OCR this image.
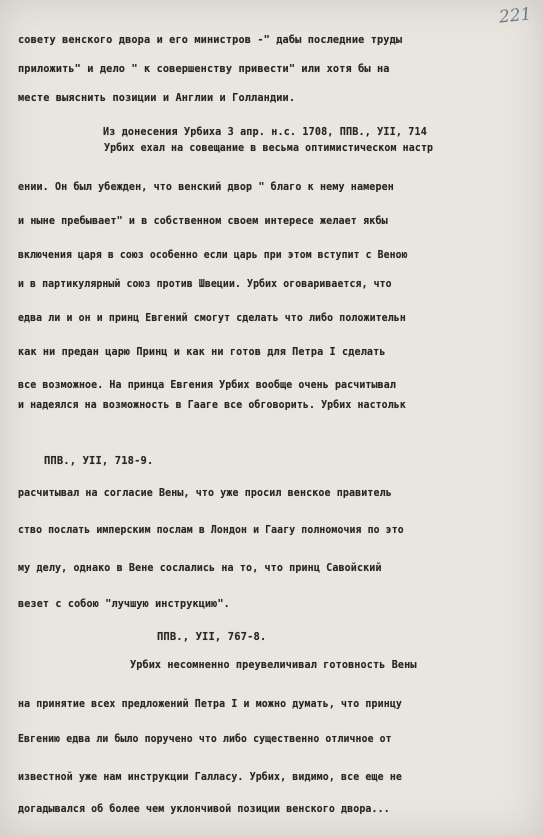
221
совету венского двора и его министров -" дабы последние труды
приложить" и дело " к совершенству привести" или хотя бы на
месте выяснить позиции и Англии и Голландии.
Из донесения Урбиха 3 апр. н.с. 1708, ППВ., УII, 714
Урбих ехал на совещание в весьма оптимистическом настр
ении. Он был убежден, что венский двор " благо к нему намерен
и ныне пребывает" и в собственном своем интересе желает якбы
включения царя в союз особенно если царь при этом вступит с Веною
и в партикулярный союз против Швеции. Урбих оговаривается, что
едва ли и он и принц Евгений смогут сделать что либо положительн
как ни предан царю Принц и как ни готов для Петра I сделать
все возможное. На принца Евгения Урбих вообще очень расчитывал
и надеялся на возможность в Гааге все обговорить. Урбих настольк
ППВ., УII, 718-9.
расчитывал на согласие Вены, что уже просил венское правитель
ство послать имперским послам в Лондон и Гаагу полномочия по это
му делу, однако в Вене сослались на то, что принц Савойский
везет с собою "лучшую инструкцию".
ППВ., УII, 767-8.
Урбих несомненно преувеличивал готовность Вены
на принятие всех предложений Петра I и можно думать, что принцу
Евгению едва ли было поручено что либо существенно отличное от
известной уже нам инструкции Галласу. Урбих, видимо, все еще не
догадывался об более чем уклончивой позиции венского двора...
